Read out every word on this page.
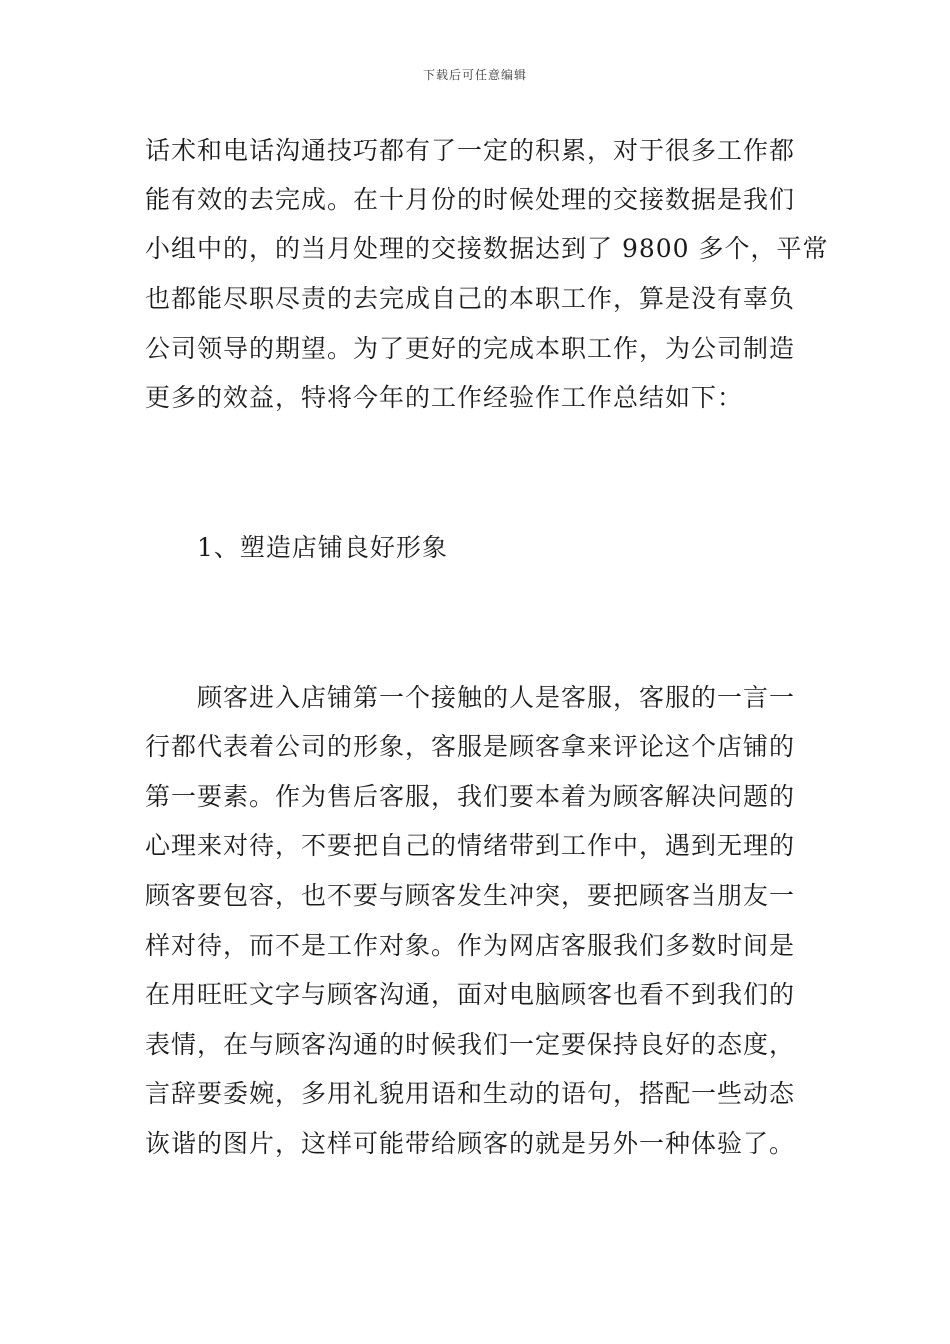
下载后可任意编辑
话术和电话沟通技巧都有了一定的积累，对于很多工作都
能有效的去完成。在十月份的时候处理的交接数据是我们
小组中的，的当月处理的交接数据达到了 9800 多个，平常
也都能尽职尽责的去完成自己的本职工作，算是没有辜负
公司领导的期望。为了更好的完成本职工作，为公司制造
更多的效益，特将今年的工作经验作工作总结如下：
1、塑造店铺良好形象
顾客进入店铺第一个接触的人是客服，客服的一言一
行都代表着公司的形象，客服是顾客拿来评论这个店铺的
第一要素。作为售后客服，我们要本着为顾客解决问题的
心理来对待，不要把自己的情绪带到工作中，遇到无理的
顾客要包容，也不要与顾客发生冲突，要把顾客当朋友一
样对待，而不是工作对象。作为网店客服我们多数时间是
在用旺旺文字与顾客沟通，面对电脑顾客也看不到我们的
表情，在与顾客沟通的时候我们一定要保持良好的态度，
言辞要委婉，多用礼貌用语和生动的语句，搭配一些动态
诙谐的图片，这样可能带给顾客的就是另外一种体验了。
